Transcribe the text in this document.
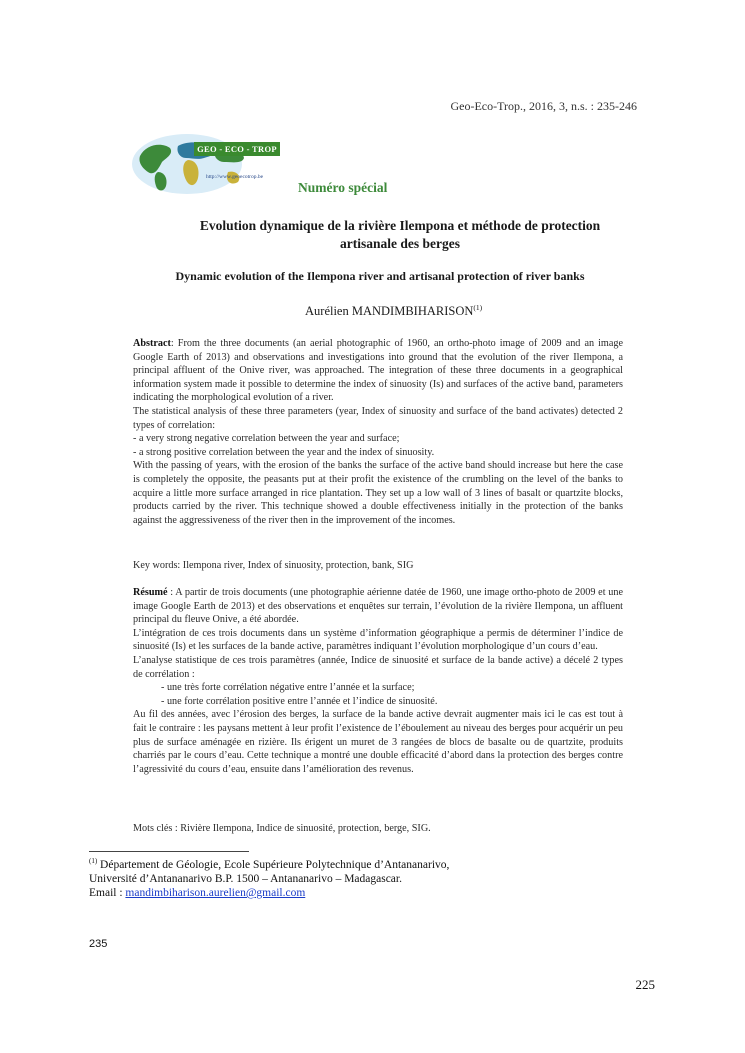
Geo-Eco-Trop., 2016, 3, n.s. : 235-246
GEO - ECO - TROP
http://www.geoecotrop.be
Numéro spécial
Evolution dynamique de la rivière Ilempona et méthode de protection
artisanale des berges
Dynamic evolution of the Ilempona river and artisanal protection of river banks
Aurélien MANDIMBIHARISON$^{(1)}$

Abstract: From the three documents (an aerial photographic of 1960, an ortho-photo image of 2009 and an image Google Earth of 2013) and observations and investigations into ground that the evolution of the river Ilempona, a principal affluent of the Onive river, was approached. The integration of these three documents in a geographical information system made it possible to determine the index of sinuosity (Is) and surfaces of the active band, parameters indicating the morphological evolution of a river.

The statistical analysis of these three parameters (year, Index of sinuosity and surface of the band activates) detected 2 types of correlation:

- a very strong negative correlation between the year and surface;

- a strong positive correlation between the year and the index of sinuosity.

With the passing of years, with the erosion of the banks the surface of the active band should increase but here the case is completely the opposite, the peasants put at their profit the existence of the crumbling on the level of the banks to acquire a little more surface arranged in rice plantation. They set up a low wall of 3 lines of basalt or quartzite blocks, products carried by the river. This technique showed a double effectiveness initially in the protection of the banks against the aggressiveness of the river then in the improvement of the incomes.

Key words: Ilempona river, Index of sinuosity, protection, bank, SIG

Résumé : A partir de trois documents (une photographie aérienne datée de 1960, une image ortho-photo de 2009 et une image Google Earth de 2013) et des observations et enquêtes sur terrain, l’évolution de la rivière Ilempona, un affluent principal du fleuve Onive, a été abordée.

L’intégration de ces trois documents dans un système d’information géographique a permis de déterminer l’indice de sinuosité (Is) et les surfaces de la bande active, paramètres indiquant l’évolution morphologique d’un cours d’eau.

L’analyse statistique de ces trois paramètres (année, Indice de sinuosité et surface de la bande active) a décelé 2 types de corrélation :

- une très forte corrélation négative entre l’année et la surface;

- une forte corrélation positive entre l’année et l’indice de sinuosité.

Au fil des années, avec l’érosion des berges, la surface de la bande active devrait augmenter mais ici le cas est tout à fait le contraire : les paysans mettent à leur profit l’existence de l’éboulement au niveau des berges pour acquérir un peu plus de surface aménagée en rizière. Ils érigent un muret de 3 rangées de blocs de basalte ou de quartzite, produits charriés par le cours d’eau. Cette technique a montré une double efficacité d’abord dans la protection des berges contre l’agressivité du cours d’eau, ensuite dans l’amélioration des revenus.

Mots clés : Rivière Ilempona, Indice de sinuosité, protection, berge, SIG.
$^{(1)}$ Département de Géologie, Ecole Supérieure Polytechnique d’Antananarivo,
Université d’Antananarivo B.P. 1500 – Antananarivo – Madagascar.
Email : mandimbiharison.aurelien@gmail.com
235
225
